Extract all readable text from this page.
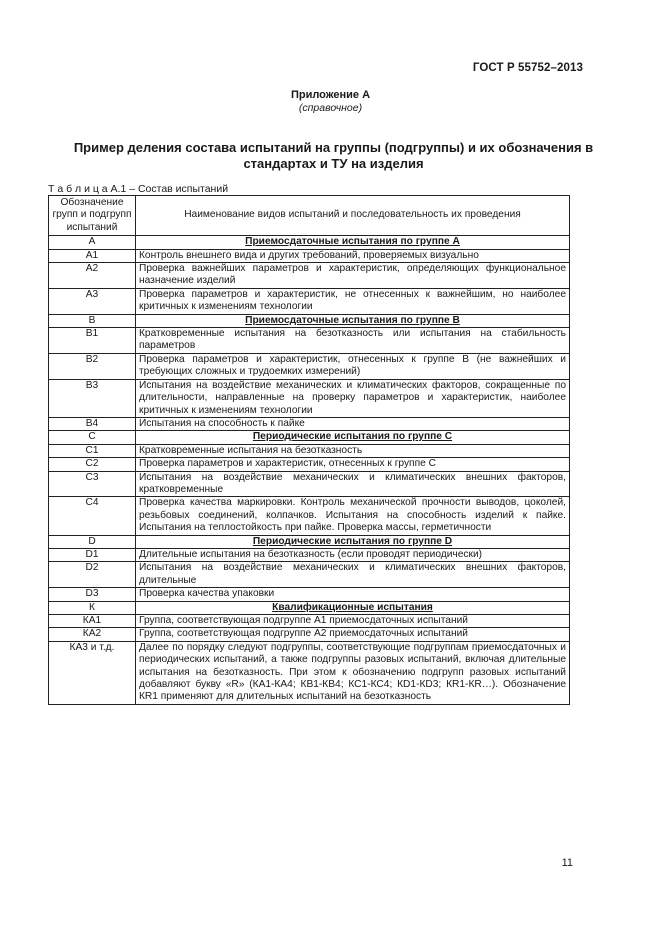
ГОСТ Р 55752–2013
Приложение А
(справочное)
Пример деления состава испытаний на группы (подгруппы) и их обозначения в стандартах и ТУ на изделия
Т а б л и ц а А.1 – Состав испытаний
Обозначение групп и подгрупп испытаний	Наименование видов испытаний и последовательность их проведения
А	Приемосдаточные испытания по группе А
А1	Контроль внешнего вида и других требований, проверяемых визуально
А2	Проверка важнейших параметров и характеристик, определяющих функциональное назначение изделий
А3	Проверка параметров и характеристик, не отнесенных к важнейшим, но наиболее критичных к изменениям технологии
В	Приемосдаточные испытания по группе В
В1	Кратковременные испытания на безотказность или испытания на стабильность параметров
В2	Проверка параметров и характеристик, отнесенных к группе В (не важнейших и требующих сложных и трудоемких измерений)
В3	Испытания на воздействие механических и климатических факторов, сокращенные по длительности, направленные на проверку параметров и характеристик, наиболее критичных к изменениям технологии
В4	Испытания на способность к пайке
С	Периодические испытания по группе С
С1	Кратковременные испытания на безотказность
С2	Проверка параметров и характеристик, отнесенных к группе С
С3	Испытания на воздействие механических и климатических внешних факторов, кратковременные
С4	Проверка качества маркировки. Контроль механической прочности выводов, цоколей, резьбовых соединений, колпачков. Испытания на способность изделий к пайке. Испытания на теплостойкость при пайке. Проверка массы, герметичности
D	Периодические испытания по группе D
D1	Длительные испытания на безотказность (если проводят периодически)
D2	Испытания на воздействие механических и климатических внешних факторов, длительные
D3	Проверка качества упаковки
К	Квалификационные испытания
КА1	Группа, соответствующая подгруппе А1 приемосдаточных испытаний
КА2	Группа, соответствующая подгруппе А2 приемосдаточных испытаний
КА3 и т.д.	Далее по порядку следуют подгруппы, соответствующие подгруппам приемосдаточных и периодических испытаний, а также подгруппы разовых испытаний, включая длительные испытания на безотказность. При этом к обозначению подгрупп разовых испытаний добавляют букву «R» (КА1-КА4; КВ1-КВ4; КС1-КС4; КD1-КD3; КR1-КR…). Обозначение КR1 применяют для длительных испытаний на безотказность
11
